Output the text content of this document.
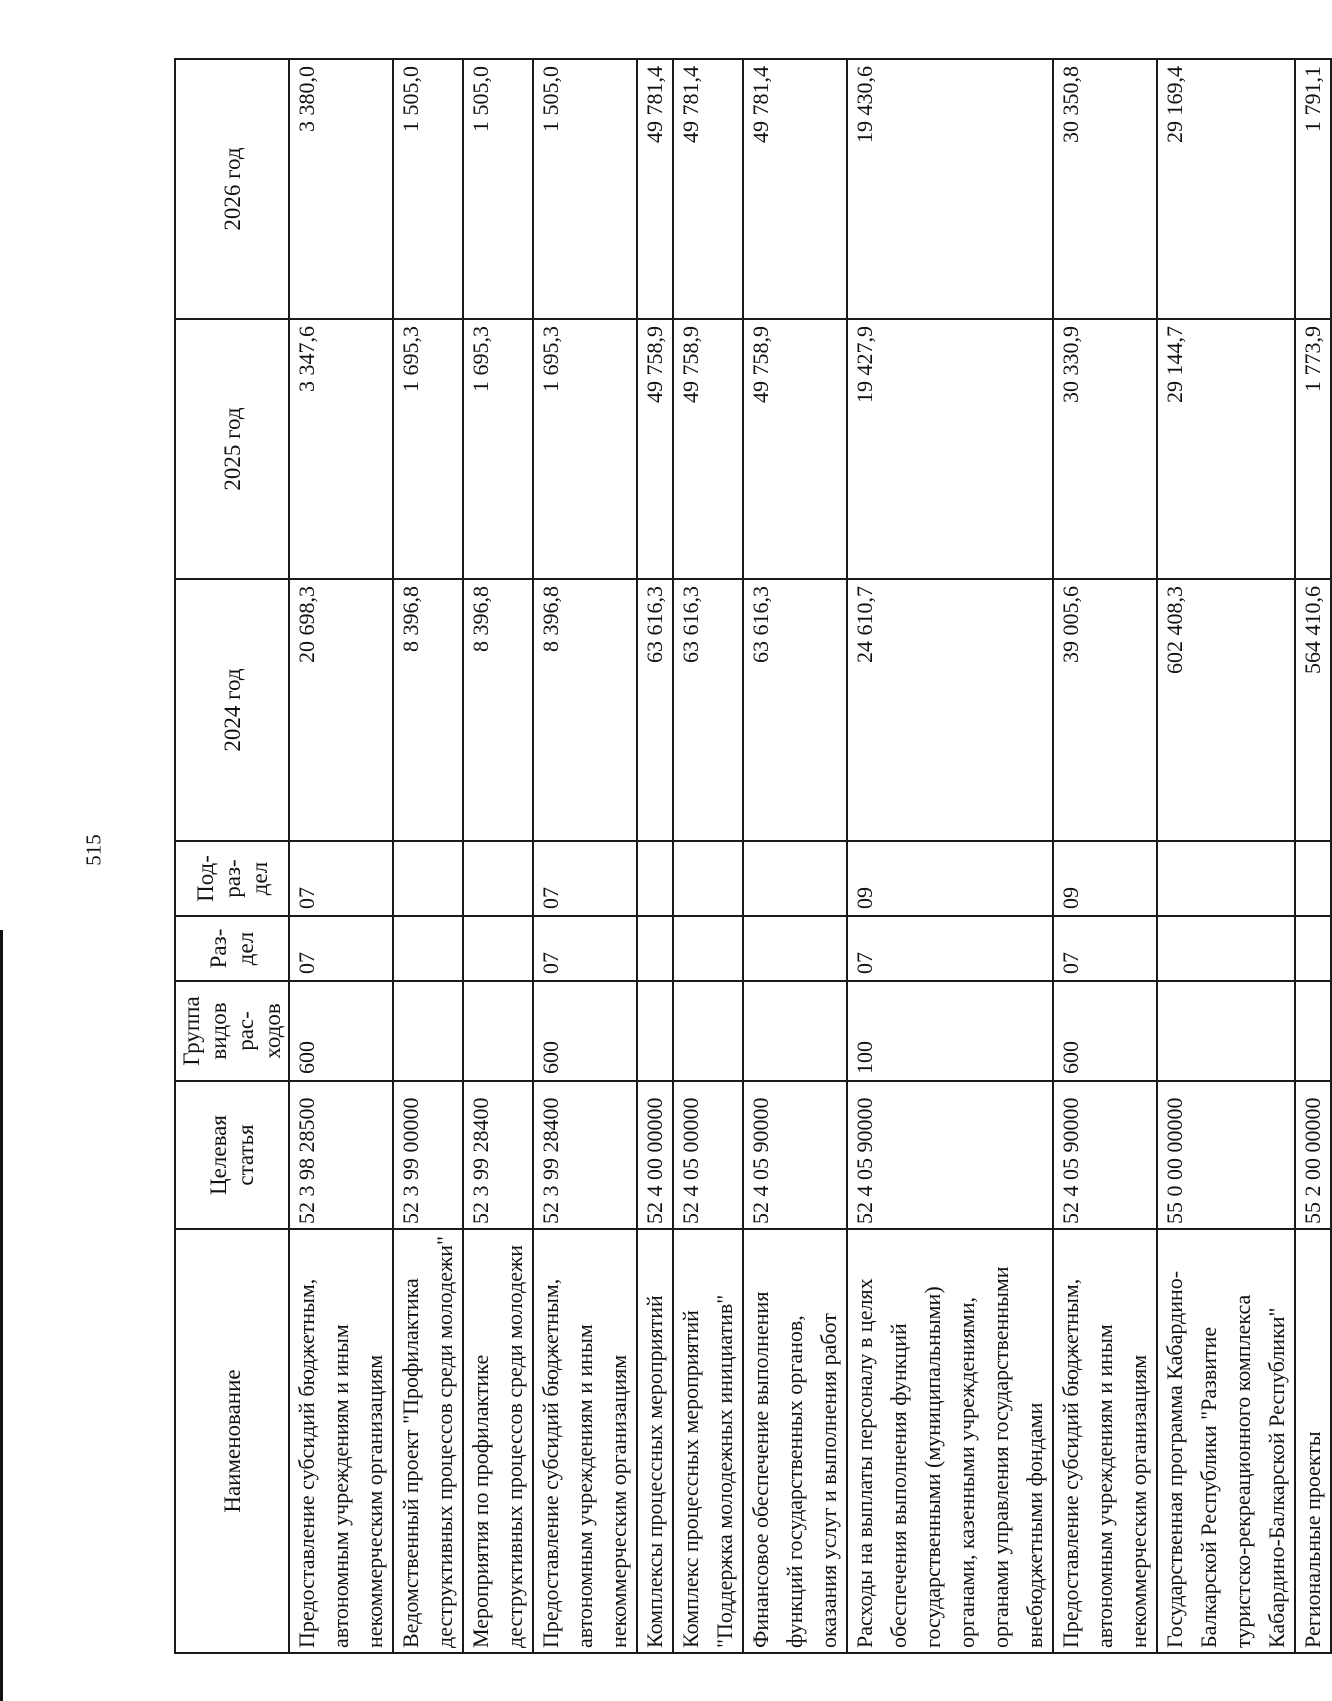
515
Наименование	Целевая статья	Группа видов рас-ходов	Раз-дел	Под-раз-дел	2024 год	2025 год	2026 год
Предоставление субсидий бюджетным, автономным учреждениям и иным некоммерческим организациям	52 3 98 28500	600	07	07	20 698,3	3 347,6	3 380,0
Ведомственный проект "Профилактика деструктивных процессов среди молодежи"	52 3 99 00000				8 396,8	1 695,3	1 505,0
Мероприятия по профилактике деструктивных процессов среди молодежи	52 3 99 28400				8 396,8	1 695,3	1 505,0
Предоставление субсидий бюджетным, автономным учреждениям и иным некоммерческим организациям	52 3 99 28400	600	07	07	8 396,8	1 695,3	1 505,0
Комплексы процессных мероприятий	52 4 00 00000				63 616,3	49 758,9	49 781,4
Комплекс процессных мероприятий "Поддержка молодежных инициатив"	52 4 05 00000				63 616,3	49 758,9	49 781,4
Финансовое обеспечение выполнения функций государственных органов, оказания услуг и выполнения работ	52 4 05 90000				63 616,3	49 758,9	49 781,4
Расходы на выплаты персоналу в целях обеспечения выполнения функций государственными (муниципальными) органами, казенными учреждениями, органами управления государственными внебюджетными фондами	52 4 05 90000	100	07	09	24 610,7	19 427,9	19 430,6
Предоставление субсидий бюджетным, автономным учреждениям и иным некоммерческим организациям	52 4 05 90000	600	07	09	39 005,6	30 330,9	30 350,8
Государственная программа Кабардино-Балкарской Республики "Развитие туристско-рекреационного комплекса Кабардино-Балкарской Республики"	55 0 00 00000				602 408,3	29 144,7	29 169,4
Региональные проекты	55 2 00 00000				564 410,6	1 773,9	1 791,1
